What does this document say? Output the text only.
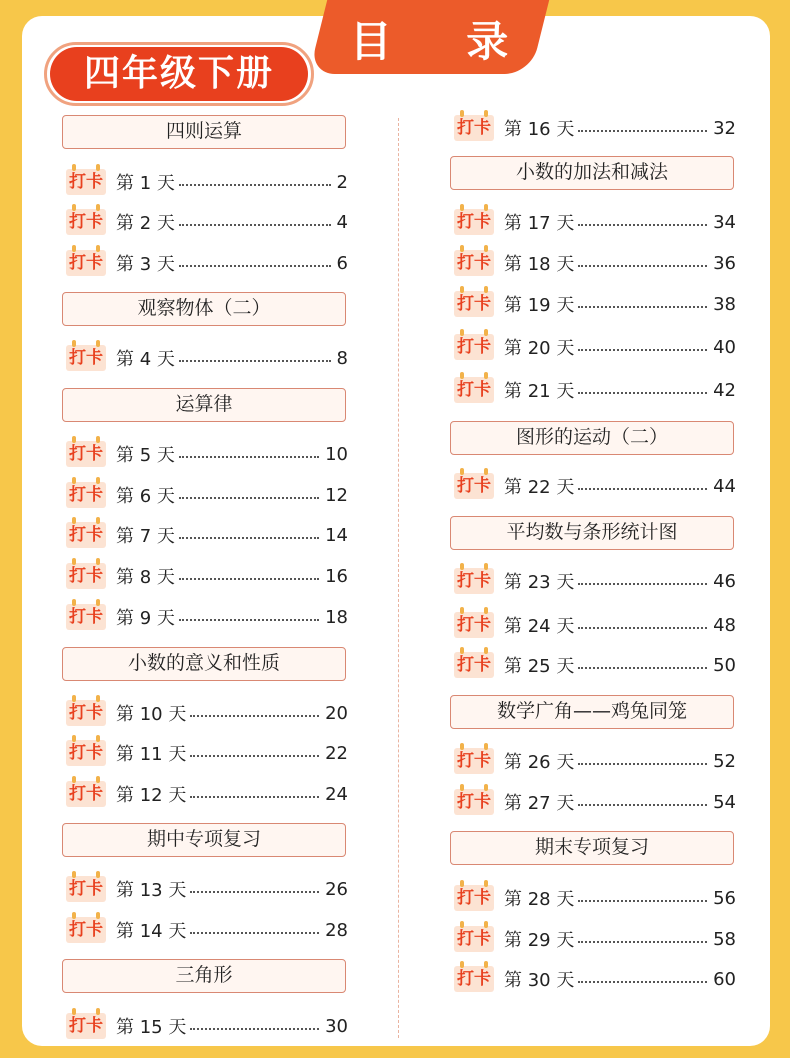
目 录
四年级下册
四则运算
打卡 第 1 天	2
打卡 第 2 天	4
打卡 第 3 天	6
观察物体（二）
打卡 第 4 天	8
运算律
打卡 第 5 天	10
打卡 第 6 天	12
打卡 第 7 天	14
打卡 第 8 天	16
打卡 第 9 天	18
小数的意义和性质
打卡 第 10 天	20
打卡 第 11 天	22
打卡 第 12 天	24
期中专项复习
打卡 第 13 天	26
打卡 第 14 天	28
三角形
打卡 第 15 天	30
打卡 第 16 天	32
小数的加法和减法
打卡 第 17 天	34
打卡 第 18 天	36
打卡 第 19 天	38
打卡 第 20 天	40
打卡 第 21 天	42
图形的运动（二）
打卡 第 22 天	44
平均数与条形统计图
打卡 第 23 天	46
打卡 第 24 天	48
打卡 第 25 天	50
数学广角——鸡兔同笼
打卡 第 26 天	52
打卡 第 27 天	54
期末专项复习
打卡 第 28 天	56
打卡 第 29 天	58
打卡 第 30 天	60
